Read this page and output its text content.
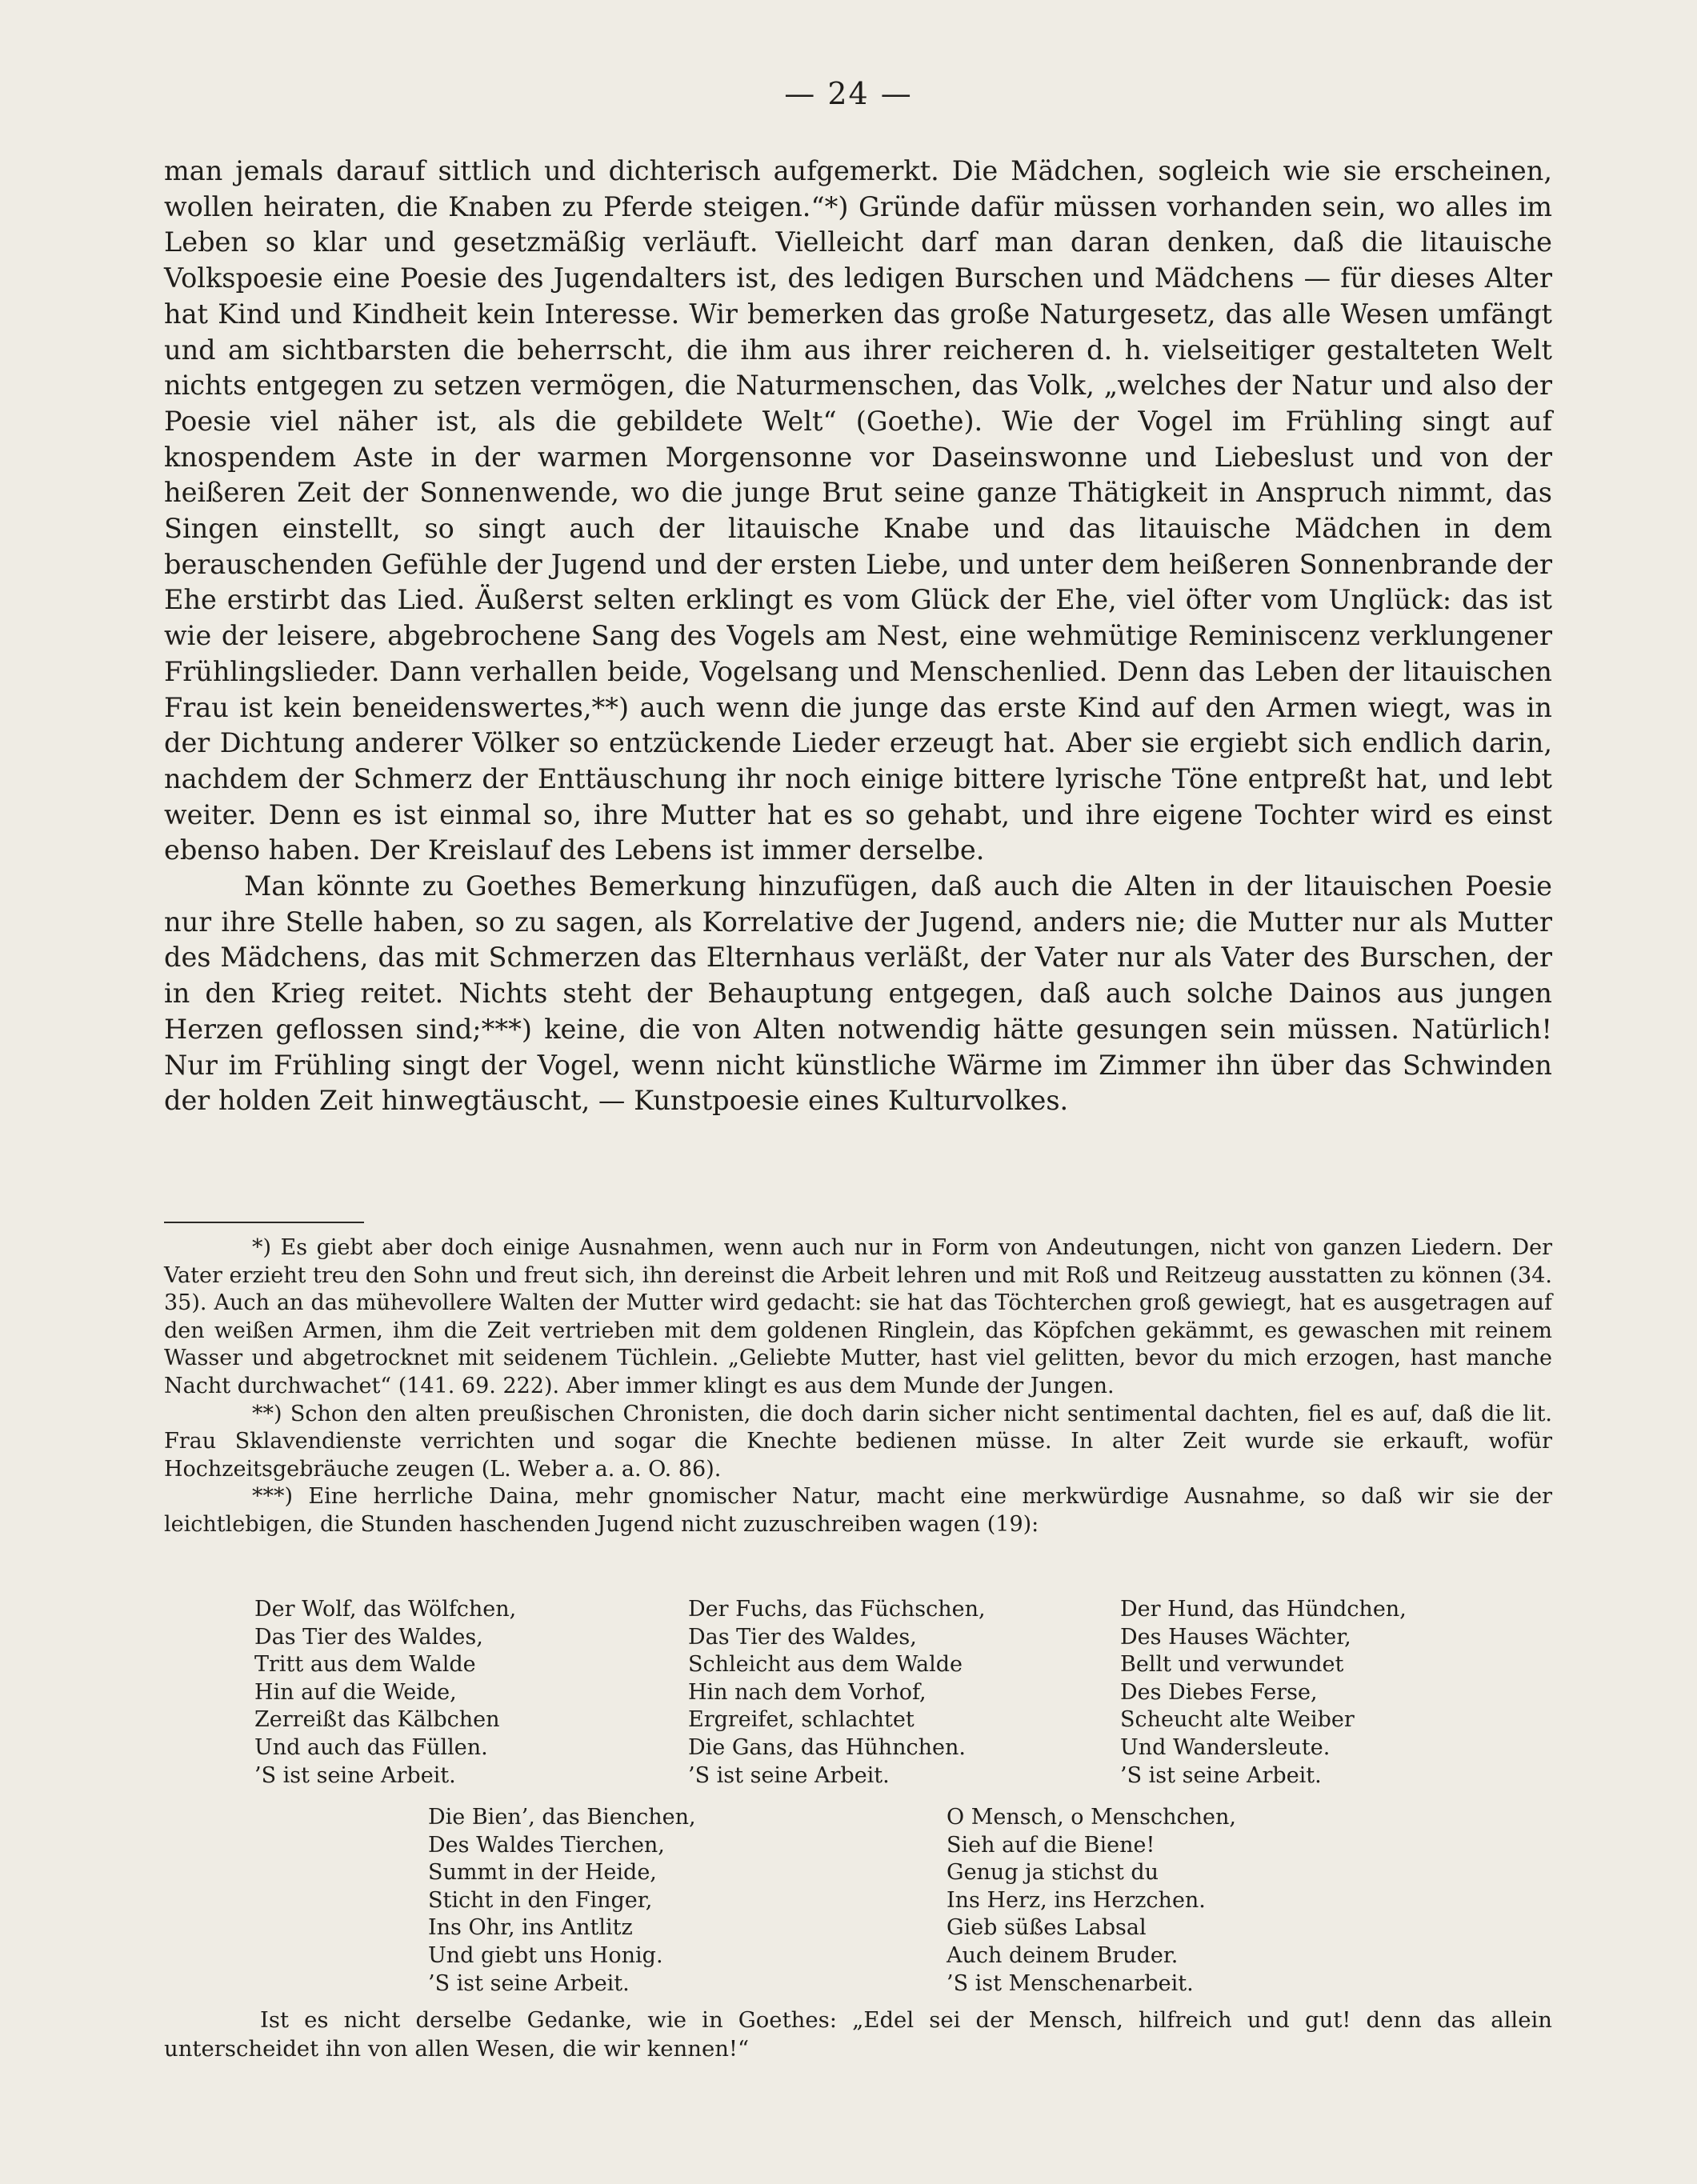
— 24 —

man jemals darauf sittlich und dichterisch aufgemerkt. Die Mädchen, sogleich wie sie erscheinen, wollen heiraten, die Knaben zu Pferde steigen.“*) Gründe dafür müssen vorhanden sein, wo alles im Leben so klar und gesetzmäßig verläuft. Vielleicht darf man daran denken, daß die litauische Volkspoesie eine Poesie des Jugendalters ist, des ledigen Burschen und Mädchens — für dieses Alter hat Kind und Kindheit kein Interesse. Wir bemerken das große Naturgesetz, das alle Wesen umfängt und am sichtbarsten die beherrscht, die ihm aus ihrer reicheren d. h. vielseitiger gestalteten Welt nichts entgegen zu setzen vermögen, die Naturmenschen, das Volk, „welches der Natur und also der Poesie viel näher ist, als die gebildete Welt“ (Goethe). Wie der Vogel im Frühling singt auf knospendem Aste in der warmen Morgensonne vor Daseinswonne und Liebeslust und von der heißeren Zeit der Sonnenwende, wo die junge Brut seine ganze Thätigkeit in Anspruch nimmt, das Singen einstellt, so singt auch der litauische Knabe und das litauische Mädchen in dem berauschenden Gefühle der Jugend und der ersten Liebe, und unter dem heißeren Sonnenbrande der Ehe erstirbt das Lied. Äußerst selten erklingt es vom Glück der Ehe, viel öfter vom Unglück: das ist wie der leisere, abgebrochene Sang des Vogels am Nest, eine wehmütige Reminiscenz verklungener Frühlingslieder. Dann verhallen beide, Vogelsang und Menschenlied. Denn das Leben der litauischen Frau ist kein beneidenswertes,**) auch wenn die junge das erste Kind auf den Armen wiegt, was in der Dichtung anderer Völker so entzückende Lieder erzeugt hat. Aber sie ergiebt sich endlich darin, nachdem der Schmerz der Enttäuschung ihr noch einige bittere lyrische Töne entpreßt hat, und lebt weiter. Denn es ist einmal so, ihre Mutter hat es so gehabt, und ihre eigene Tochter wird es einst ebenso haben. Der Kreislauf des Lebens ist immer derselbe.

Man könnte zu Goethes Bemerkung hinzufügen, daß auch die Alten in der litauischen Poesie nur ihre Stelle haben, so zu sagen, als Korrelative der Jugend, anders nie; die Mutter nur als Mutter des Mädchens, das mit Schmerzen das Elternhaus verläßt, der Vater nur als Vater des Burschen, der in den Krieg reitet. Nichts steht der Behauptung entgegen, daß auch solche Dainos aus jungen Herzen geflossen sind;***) keine, die von Alten notwendig hätte gesungen sein müssen. Natürlich! Nur im Frühling singt der Vogel, wenn nicht künstliche Wärme im Zimmer ihn über das Schwinden der holden Zeit hinwegtäuscht, — Kunstpoesie eines Kulturvolkes.

*) Es giebt aber doch einige Ausnahmen, wenn auch nur in Form von Andeutungen, nicht von ganzen Liedern. Der Vater erzieht treu den Sohn und freut sich, ihn dereinst die Arbeit lehren und mit Roß und Reitzeug ausstatten zu können (34. 35). Auch an das mühevollere Walten der Mutter wird gedacht: sie hat das Töchterchen groß gewiegt, hat es ausgetragen auf den weißen Armen, ihm die Zeit vertrieben mit dem goldenen Ringlein, das Köpfchen gekämmt, es gewaschen mit reinem Wasser und abgetrocknet mit seidenem Tüchlein. „Geliebte Mutter, hast viel gelitten, bevor du mich erzogen, hast manche Nacht durchwachet“ (141. 69. 222). Aber immer klingt es aus dem Munde der Jungen.

**) Schon den alten preußischen Chronisten, die doch darin sicher nicht sentimental dachten, fiel es auf, daß die lit. Frau Sklavendienste verrichten und sogar die Knechte bedienen müsse. In alter Zeit wurde sie erkauft, wofür Hochzeitsgebräuche zeugen (L. Weber a. a. O. 86).

***) Eine herrliche Daina, mehr gnomischer Natur, macht eine merkwürdige Ausnahme, so daß wir sie der leichtlebigen, die Stunden haschenden Jugend nicht zuzuschreiben wagen (19):

Der Wolf, das Wölfchen,
Das Tier des Waldes,
Tritt aus dem Walde
Hin auf die Weide,
Zerreißt das Kälbchen
Und auch das Füllen.
’S ist seine Arbeit.
Der Fuchs, das Füchschen,
Das Tier des Waldes,
Schleicht aus dem Walde
Hin nach dem Vorhof,
Ergreifet, schlachtet
Die Gans, das Hühnchen.
’S ist seine Arbeit.
Der Hund, das Hündchen,
Des Hauses Wächter,
Bellt und verwundet
Des Diebes Ferse,
Scheucht alte Weiber
Und Wandersleute.
’S ist seine Arbeit.
Die Bien’, das Bienchen,
Des Waldes Tierchen,
Summt in der Heide,
Sticht in den Finger,
Ins Ohr, ins Antlitz
Und giebt uns Honig.
’S ist seine Arbeit.
O Mensch, o Menschchen,
Sieh auf die Biene!
Genug ja stichst du
Ins Herz, ins Herzchen.
Gieb süßes Labsal
Auch deinem Bruder.
’S ist Menschenarbeit.

Ist es nicht derselbe Gedanke, wie in Goethes: „Edel sei der Mensch, hilfreich und gut! denn das allein unterscheidet ihn von allen Wesen, die wir kennen!“
